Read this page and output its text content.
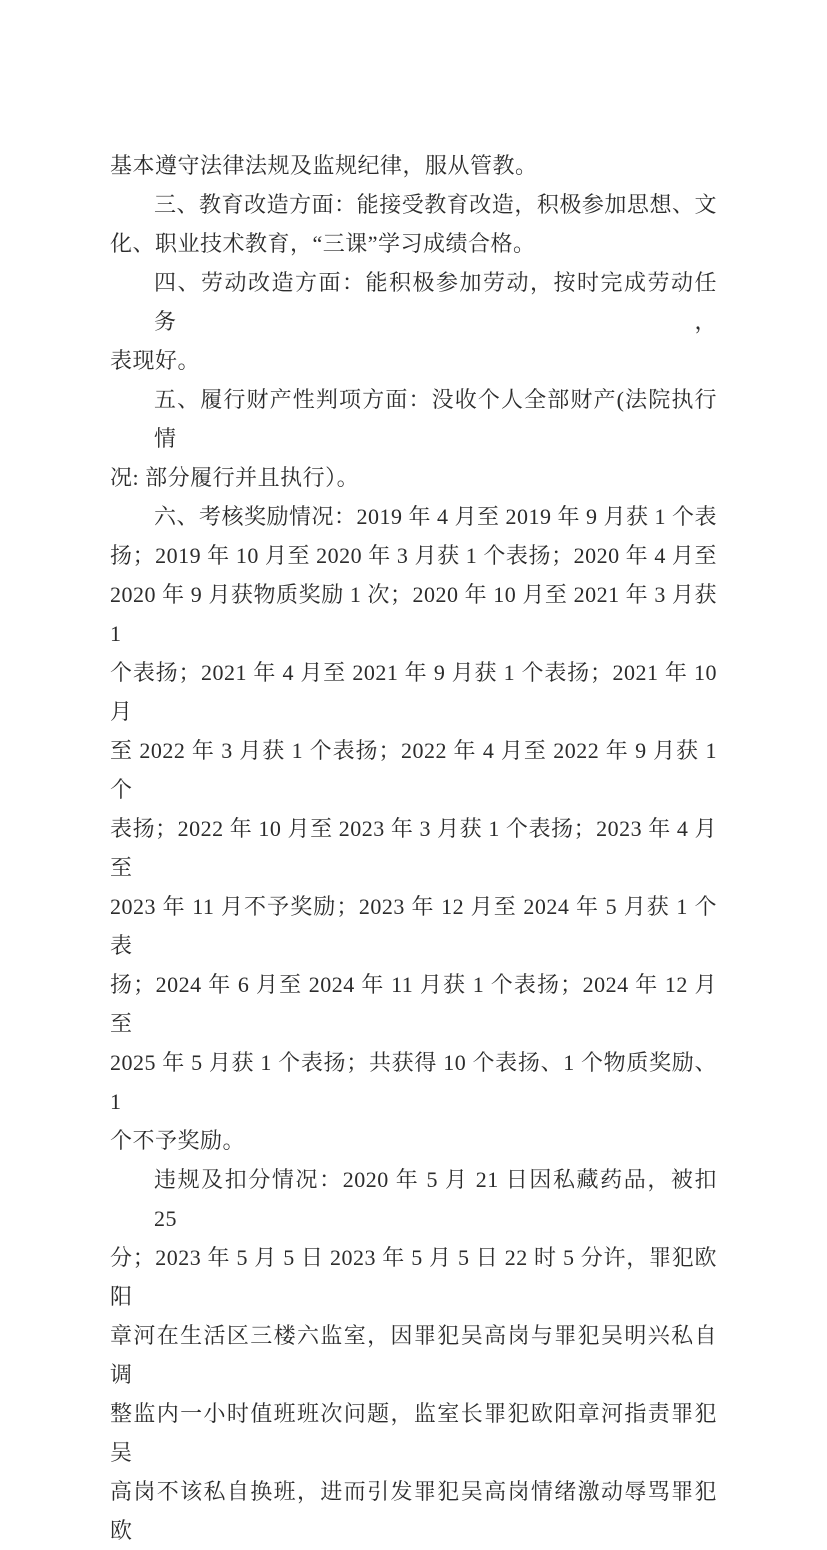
基本遵守法律法规及监规纪律，服从管教。
三、教育改造方面：能接受教育改造，积极参加思想、文
化、职业技术教育，“三课”学习成绩合格。
四、劳动改造方面：能积极参加劳动，按时完成劳动任务，
表现好。
五、履行财产性判项方面：没收个人全部财产(法院执行情
况: 部分履行并且执行）。
六、考核奖励情况：2019 年 4 月至 2019 年 9 月获 1 个表
扬；2019 年 10 月至 2020 年 3 月获 1 个表扬；2020 年 4 月至
2020 年 9 月获物质奖励 1 次；2020 年 10 月至 2021 年 3 月获 1
个表扬；2021 年 4 月至 2021 年 9 月获 1 个表扬；2021 年 10 月
至 2022 年 3 月获 1 个表扬；2022 年 4 月至 2022 年 9 月获 1 个
表扬；2022 年 10 月至 2023 年 3 月获 1 个表扬；2023 年 4 月至
2023 年 11 月不予奖励；2023 年 12 月至 2024 年 5 月获 1 个表
扬；2024 年 6 月至 2024 年 11 月获 1 个表扬；2024 年 12 月至
2025 年 5 月获 1 个表扬；共获得 10 个表扬、1 个物质奖励、1
个不予奖励。
违规及扣分情况：2020 年 5 月 21 日因私藏药品，被扣 25
分；2023 年 5 月 5 日 2023 年 5 月 5 日 22 时 5 分许，罪犯欧阳
章河在生活区三楼六监室，因罪犯吴高岗与罪犯吴明兴私自调
整监内一小时值班班次问题，监室长罪犯欧阳章河指责罪犯吴
高岗不该私自换班，进而引发罪犯吴高岗情绪激动辱骂罪犯欧
